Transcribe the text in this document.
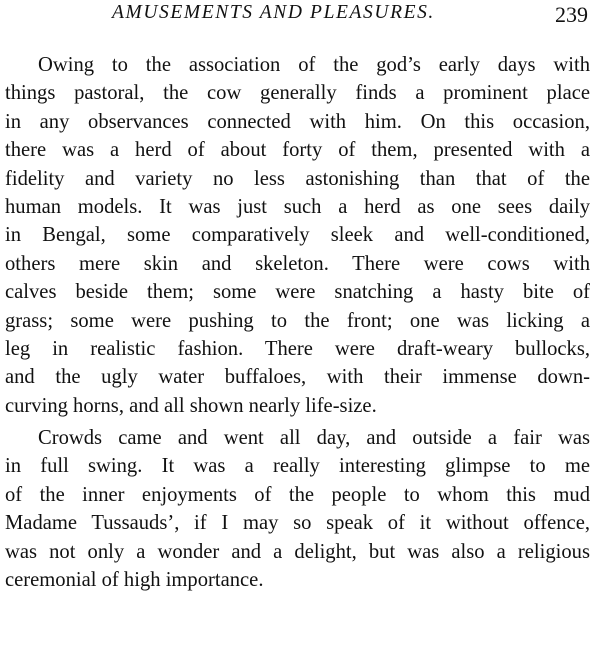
AMUSEMENTS AND PLEASURES.	239
Owing to the association of the god’s early days with
things pastoral, the cow generally finds a prominent place
in any observances connected with him. On this occasion,
there was a herd of about forty of them, presented with a
fidelity and variety no less astonishing than that of the
human models. It was just such a herd as one sees daily
in Bengal, some comparatively sleek and well-conditioned,
others mere skin and skeleton. There were cows with
calves beside them; some were snatching a hasty bite of
grass; some were pushing to the front; one was licking a
leg in realistic fashion. There were draft-weary bullocks,
and the ugly water buffaloes, with their immense down-
curving horns, and all shown nearly life-size.
Crowds came and went all day, and outside a fair was
in full swing. It was a really interesting glimpse to me
of the inner enjoyments of the people to whom this mud
Madame Tussauds’, if I may so speak of it without offence,
was not only a wonder and a delight, but was also a religious
ceremonial of high importance.
